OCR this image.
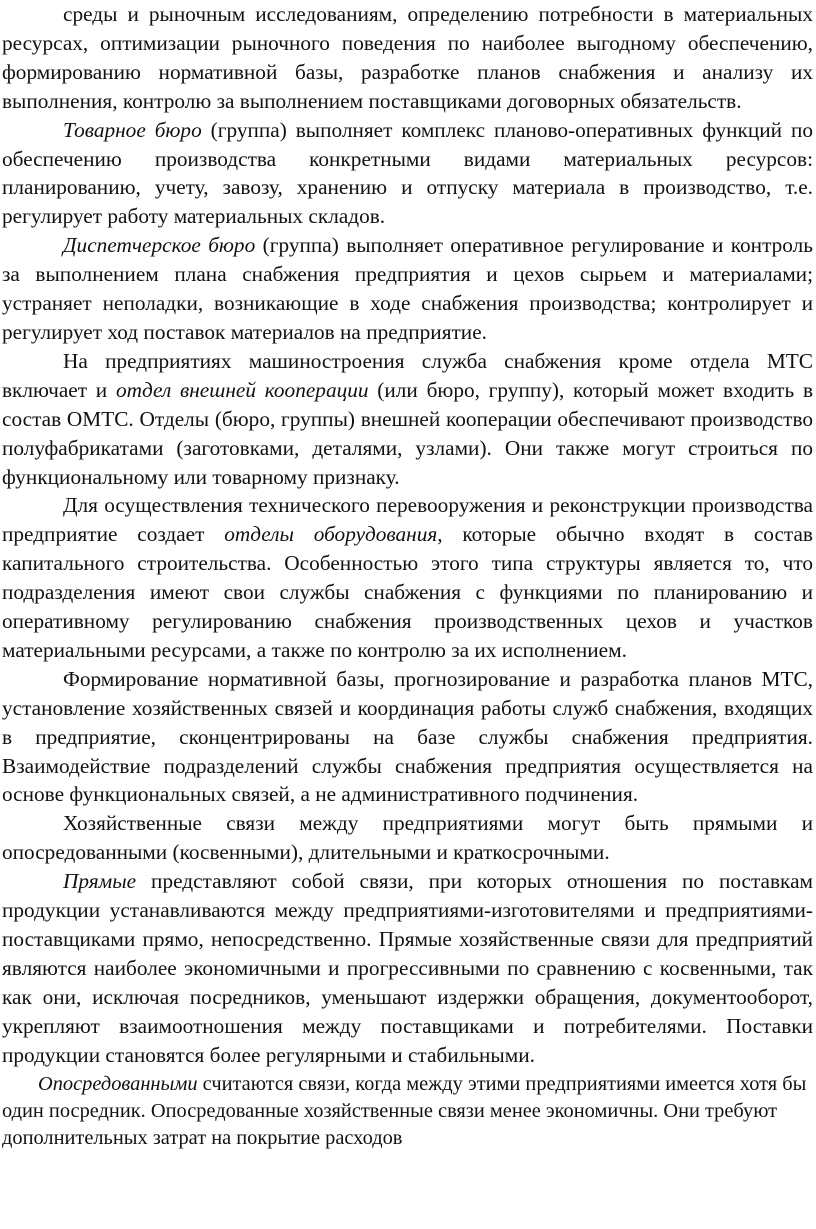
среды и рыночным исследованиям, определению потребности в материальных ресурсах, оптимизации рыночного поведения по наиболее выгодному обеспечению, формированию нормативной базы, разработке планов снабжения и анализу их выполнения, контролю за выполнением поставщиками договорных обязательств.

Товарное бюро (группа) выполняет комплекс планово-оперативных функций по обеспечению производства конкретными видами материальных ресурсов: планированию, учету, завозу, хранению и отпуску материала в производство, т.е. регулирует работу материальных складов.

Диспетчерское бюро (группа) выполняет оперативное регулирование и контроль за выполнением плана снабжения предприятия и цехов сырьем и материалами; устраняет неполадки, возникающие в ходе снабжения производства; контролирует и регулирует ход поставок материалов на предприятие.

На предприятиях машиностроения служба снабжения кроме отдела МТС включает и отдел внешней кооперации (или бюро, группу), который может входить в состав ОМТС. Отделы (бюро, группы) внешней кооперации обеспечивают производство полуфабрикатами (заготовками, деталями, узлами). Они также могут строиться по функциональному или товарному признаку.

Для осуществления технического перевооружения и реконструкции производства предприятие создает отделы оборудования, которые обычно входят в состав капитального строительства. Особенностью этого типа структуры является то, что подразделения имеют свои службы снабжения с функциями по планированию и оперативному регулированию снабжения производственных цехов и участков материальными ресурсами, а также по контролю за их исполнением.

Формирование нормативной базы, прогнозирование и разработка планов МТС, установление хозяйственных связей и координация работы служб снабжения, входящих в предприятие, сконцентрированы на базе службы снабжения предприятия. Взаимодействие подразделений службы снабжения предприятия осуществляется на основе функциональных связей, а не административного подчинения.

Хозяйственные связи между предприятиями могут быть прямыми и опосредованными (косвенными), длительными и краткосрочными.

Прямые представляют собой связи, при которых отношения по поставкам продукции устанавливаются между предприятиями-изготовителями и предприятиями-поставщиками прямо, непосредственно. Прямые хозяйственные связи для предприятий являются наиболее экономичными и прогрессивными по сравнению с косвенными, так как они, исключая посредников, уменьшают издержки обращения, документооборот, укрепляют взаимоотношения между поставщиками и потребителями. Поставки продукции становятся более регулярными и стабильными.

Опосредованными считаются связи, когда между этими предприятиями имеется хотя бы один посредник. Опосредованные хозяйственные связи менее экономичны. Они требуют дополнительных затрат на покрытие расходов
